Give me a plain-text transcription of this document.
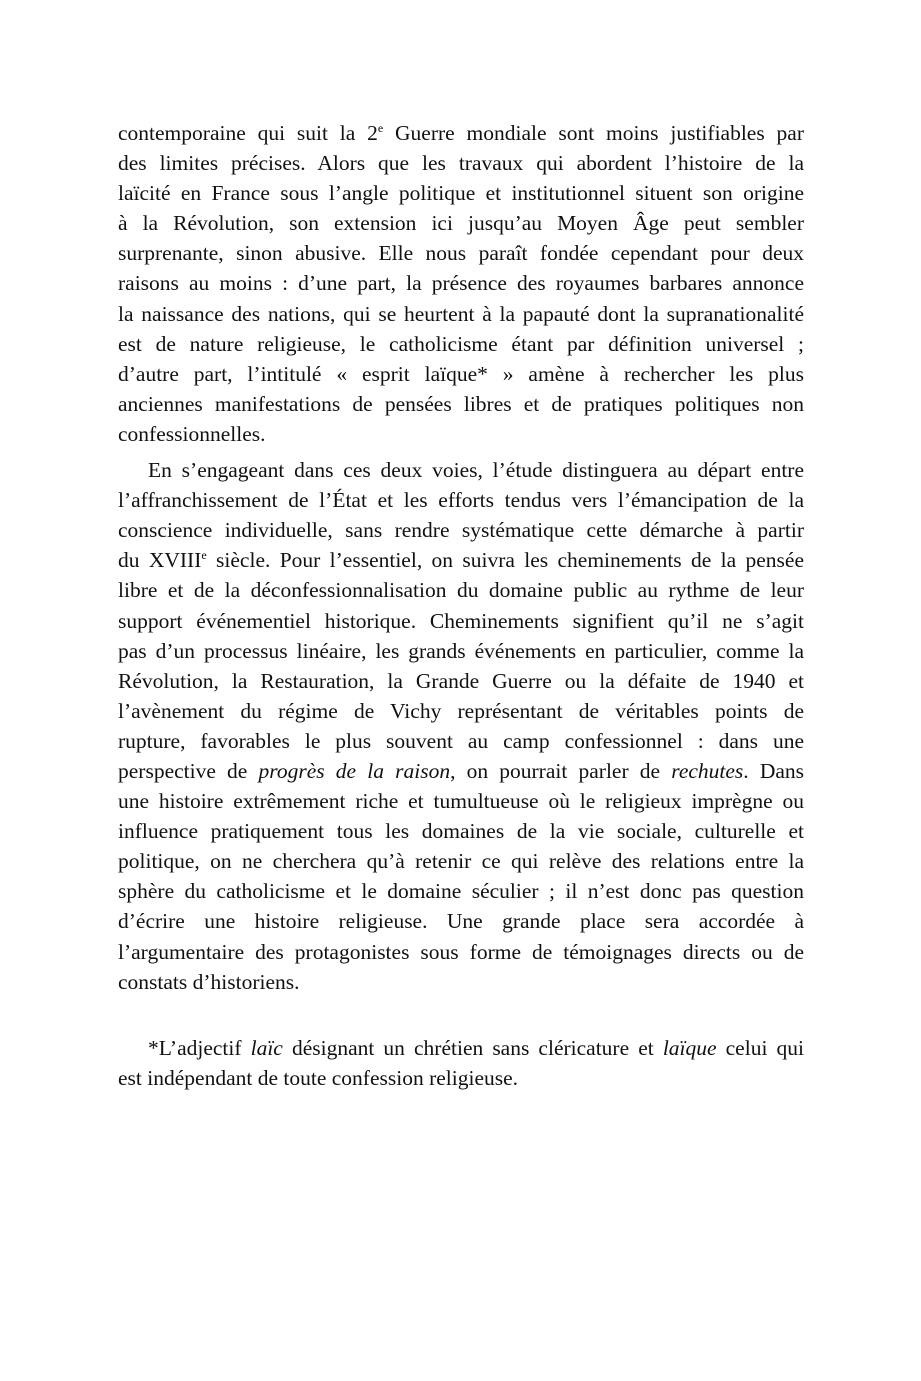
contemporaine qui suit la 2e Guerre mondiale sont moins justifiables par
des limites précises. Alors que les travaux qui abordent l’histoire de la
laïcité en France sous l’angle politique et institutionnel situent son origine
à la Révolution, son extension ici jusqu’au Moyen Âge peut sembler
surprenante, sinon abusive. Elle nous paraît fondée cependant pour deux
raisons au moins : d’une part, la présence des royaumes barbares annonce
la naissance des nations, qui se heurtent à la papauté dont la supranationalité
est de nature religieuse, le catholicisme étant par définition universel ;
d’autre part, l’intitulé « esprit laïque* » amène à rechercher les plus
anciennes manifestations de pensées libres et de pratiques politiques non
confessionnelles.

En s’engageant dans ces deux voies, l’étude distinguera au départ entre
l’affranchissement de l’État et les efforts tendus vers l’émancipation de la
conscience individuelle, sans rendre systématique cette démarche à partir
du XVIIIe siècle. Pour l’essentiel, on suivra les cheminements de la pensée
libre et de la déconfessionnalisation du domaine public au rythme de leur
support événementiel historique. Cheminements signifient qu’il ne s’agit
pas d’un processus linéaire, les grands événements en particulier, comme la
Révolution, la Restauration, la Grande Guerre ou la défaite de 1940 et
l’avènement du régime de Vichy représentant de véritables points de
rupture, favorables le plus souvent au camp confessionnel : dans une
perspective de progrès de la raison, on pourrait parler de rechutes. Dans
une histoire extrêmement riche et tumultueuse où le religieux imprègne ou
influence pratiquement tous les domaines de la vie sociale, culturelle et
politique, on ne cherchera qu’à retenir ce qui relève des relations entre la
sphère du catholicisme et le domaine séculier ; il n’est donc pas question
d’écrire une histoire religieuse. Une grande place sera accordée à
l’argumentaire des protagonistes sous forme de témoignages directs ou de
constats d’historiens.

*L’adjectif laïc désignant un chrétien sans cléricature et laïque celui qui
est indépendant de toute confession religieuse.
